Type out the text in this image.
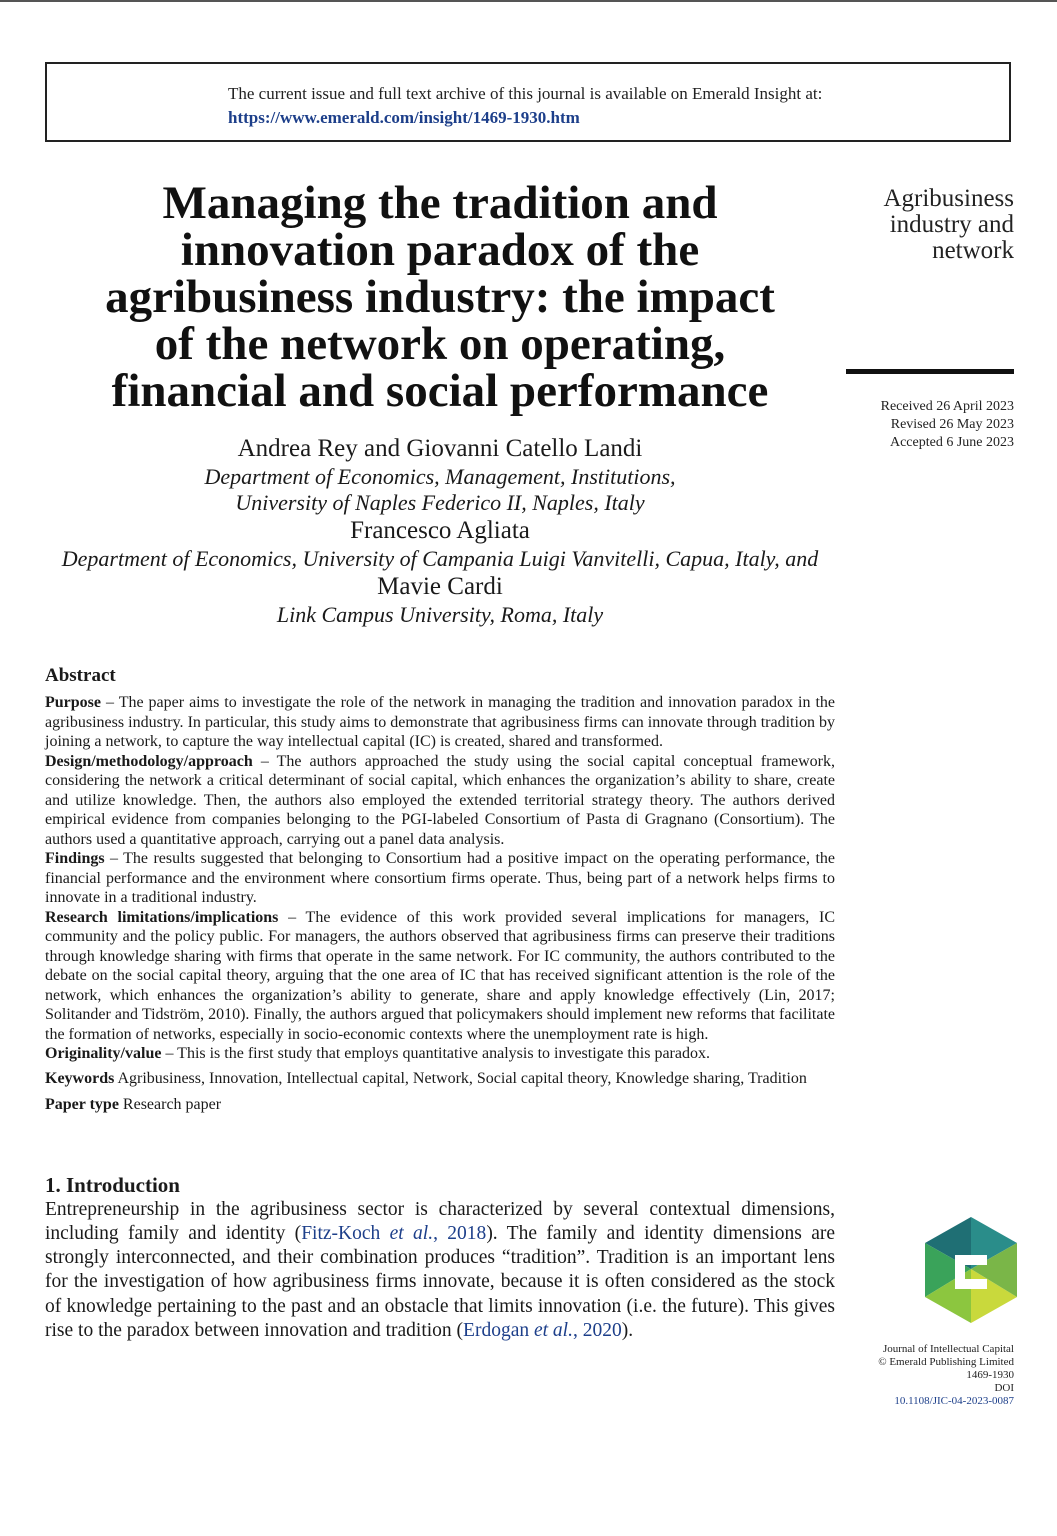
The current issue and full text archive of this journal is available on Emerald Insight at:
https://www.emerald.com/insight/1469-1930.htm
Managing the tradition and
innovation paradox of the
agribusiness industry: the impact
of the network on operating,
financial and social performance
Agribusiness
industry and
network
Received 26 April 2023
Revised 26 May 2023
Accepted 6 June 2023
Andrea Rey and Giovanni Catello Landi
Department of Economics, Management, Institutions,
University of Naples Federico II, Naples, Italy
Francesco Agliata
Department of Economics, University of Campania Luigi Vanvitelli, Capua, Italy, and
Mavie Cardi
Link Campus University, Roma, Italy
Abstract

Purpose – The paper aims to investigate the role of the network in managing the tradition and innovation paradox in the agribusiness industry. In particular, this study aims to demonstrate that agribusiness firms can innovate through tradition by joining a network, to capture the way intellectual capital (IC) is created, shared and transformed.

Design/methodology/approach – The authors approached the study using the social capital conceptual framework, considering the network a critical determinant of social capital, which enhances the organization’s ability to share, create and utilize knowledge. Then, the authors also employed the extended territorial strategy theory. The authors derived empirical evidence from companies belonging to the PGI-labeled Consortium of Pasta di Gragnano (Consortium). The authors used a quantitative approach, carrying out a panel data analysis.

Findings – The results suggested that belonging to Consortium had a positive impact on the operating performance, the financial performance and the environment where consortium firms operate. Thus, being part of a network helps firms to innovate in a traditional industry.

Research limitations/implications – The evidence of this work provided several implications for managers, IC community and the policy public. For managers, the authors observed that agribusiness firms can preserve their traditions through knowledge sharing with firms that operate in the same network. For IC community, the authors contributed to the debate on the social capital theory, arguing that the one area of IC that has received significant attention is the role of the network, which enhances the organization’s ability to generate, share and apply knowledge effectively (Lin, 2017; Solitander and Tidström, 2010). Finally, the authors argued that policymakers should implement new reforms that facilitate the formation of networks, especially in socio-economic contexts where the unemployment rate is high.

Originality/value – This is the first study that employs quantitative analysis to investigate this paradox.

Keywords Agribusiness, Innovation, Intellectual capital, Network, Social capital theory, Knowledge sharing, Tradition

Paper type Research paper

1. Introduction

Entrepreneurship in the agribusiness sector is characterized by several contextual dimensions, including family and identity (Fitz-Koch et al., 2018). The family and identity dimensions are strongly interconnected, and their combination produces “tradition”. Tradition is an important lens for the investigation of how agribusiness firms innovate, because it is often considered as the stock of knowledge pertaining to the past and an obstacle that limits innovation (i.e. the future). This gives rise to the paradox between innovation and tradition (Erdogan et al., 2020).

Journal of Intellectual Capital
© Emerald Publishing Limited
1469-1930
DOI
10.1108/JIC-04-2023-0087
